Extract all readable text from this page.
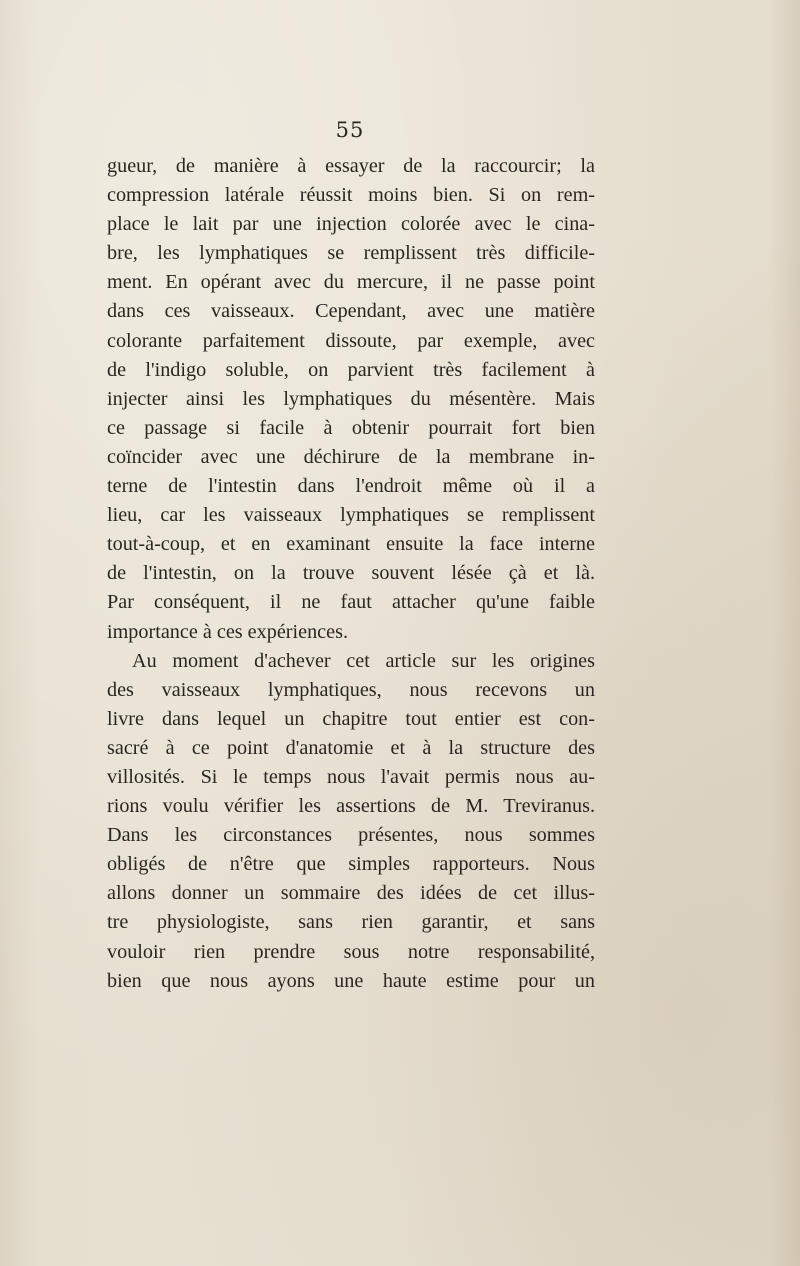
55
gueur, de manière à essayer de la raccourcir; la
compression latérale réussit moins bien. Si on rem-
place le lait par une injection colorée avec le cina-
bre, les lymphatiques se remplissent très difficile-
ment. En opérant avec du mercure, il ne passe point
dans ces vaisseaux. Cependant, avec une matière
colorante parfaitement dissoute, par exemple, avec
de l'indigo soluble, on parvient très facilement à
injecter ainsi les lymphatiques du mésentère. Mais
ce passage si facile à obtenir pourrait fort bien
coïncider avec une déchirure de la membrane in-
terne de l'intestin dans l'endroit même où il a
lieu, car les vaisseaux lymphatiques se remplissent
tout-à-coup, et en examinant ensuite la face interne
de l'intestin, on la trouve souvent lésée çà et là.
Par conséquent, il ne faut attacher qu'une faible
importance à ces expériences.
Au moment d'achever cet article sur les origines
des vaisseaux lymphatiques, nous recevons un
livre dans lequel un chapitre tout entier est con-
sacré à ce point d'anatomie et à la structure des
villosités. Si le temps nous l'avait permis nous au-
rions voulu vérifier les assertions de M. Treviranus.
Dans les circonstances présentes, nous sommes
obligés de n'être que simples rapporteurs. Nous
allons donner un sommaire des idées de cet illus-
tre physiologiste, sans rien garantir, et sans
vouloir rien prendre sous notre responsabilité,
bien que nous ayons une haute estime pour un
